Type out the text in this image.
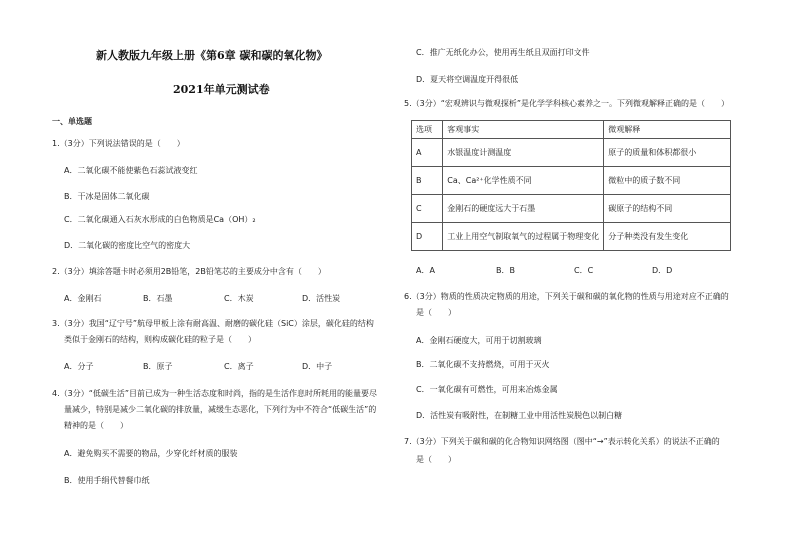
新人教版九年级上册《第6章 碳和碳的氧化物》
2021年单元测试卷
一、单选题
1.（3分）下列说法错误的是（　　）
A．二氧化碳不能使紫色石蕊试液变红
B．干冰是固体二氧化碳
C．二氧化碳通入石灰水形成的白色物质是Ca（OH）₂
D．二氧化碳的密度比空气的密度大
2.（3分）填涂答题卡时必须用2B铅笔，2B铅笔芯的主要成分中含有（　　）
A．金刚石	B．石墨	C．木炭	D．活性炭
3.（3分）我国“辽宁号”航母甲板上涂有耐高温、耐磨的碳化硅（SiC）涂层，碳化硅的结构
类似于金刚石的结构，则构成碳化硅的粒子是（　　）
A．分子	B．原子	C．离子	D．中子
4.（3分）“低碳生活”目前已成为一种生活态度和时尚，指的是生活作息时所耗用的能量要尽
量减少，特别是减少二氧化碳的排放量，减缓生态恶化，下列行为中不符合“低碳生活”的
精神的是（　　）
A．避免购买不需要的物品，少穿化纤材质的服装
B．使用手绢代替餐巾纸
C．推广无纸化办公，使用再生纸且双面打印文件
D．夏天将空调温度开得很低
5.（3分）“宏观辨识与微观探析”是化学学科核心素养之一。下列微观解释正确的是（　　）
选项	客观事实	微观解释
A	水银温度计测温度	原子的质量和体积都很小
B	Ca、Ca²⁺化学性质不同	微粒中的质子数不同
C	金刚石的硬度远大于石墨	碳原子的结构不同
D	工业上用空气制取氧气的过程属于物理变化	分子种类没有发生变化
A．A	B．B	C．C	D．D
6.（3分）物质的性质决定物质的用途，下列关于碳和碳的氧化物的性质与用途对应不正确的
是（　　）
A．金刚石硬度大，可用于切割玻璃
B．二氧化碳不支持燃烧，可用于灭火
C．一氧化碳有可燃性，可用来冶炼金属
D．活性炭有吸附性，在制糖工业中用活性炭脱色以制白糖
7.（3分）下列关于碳和碳的化合物知识网络图（图中“→”表示转化关系）的说法不正确的
是（　　）
